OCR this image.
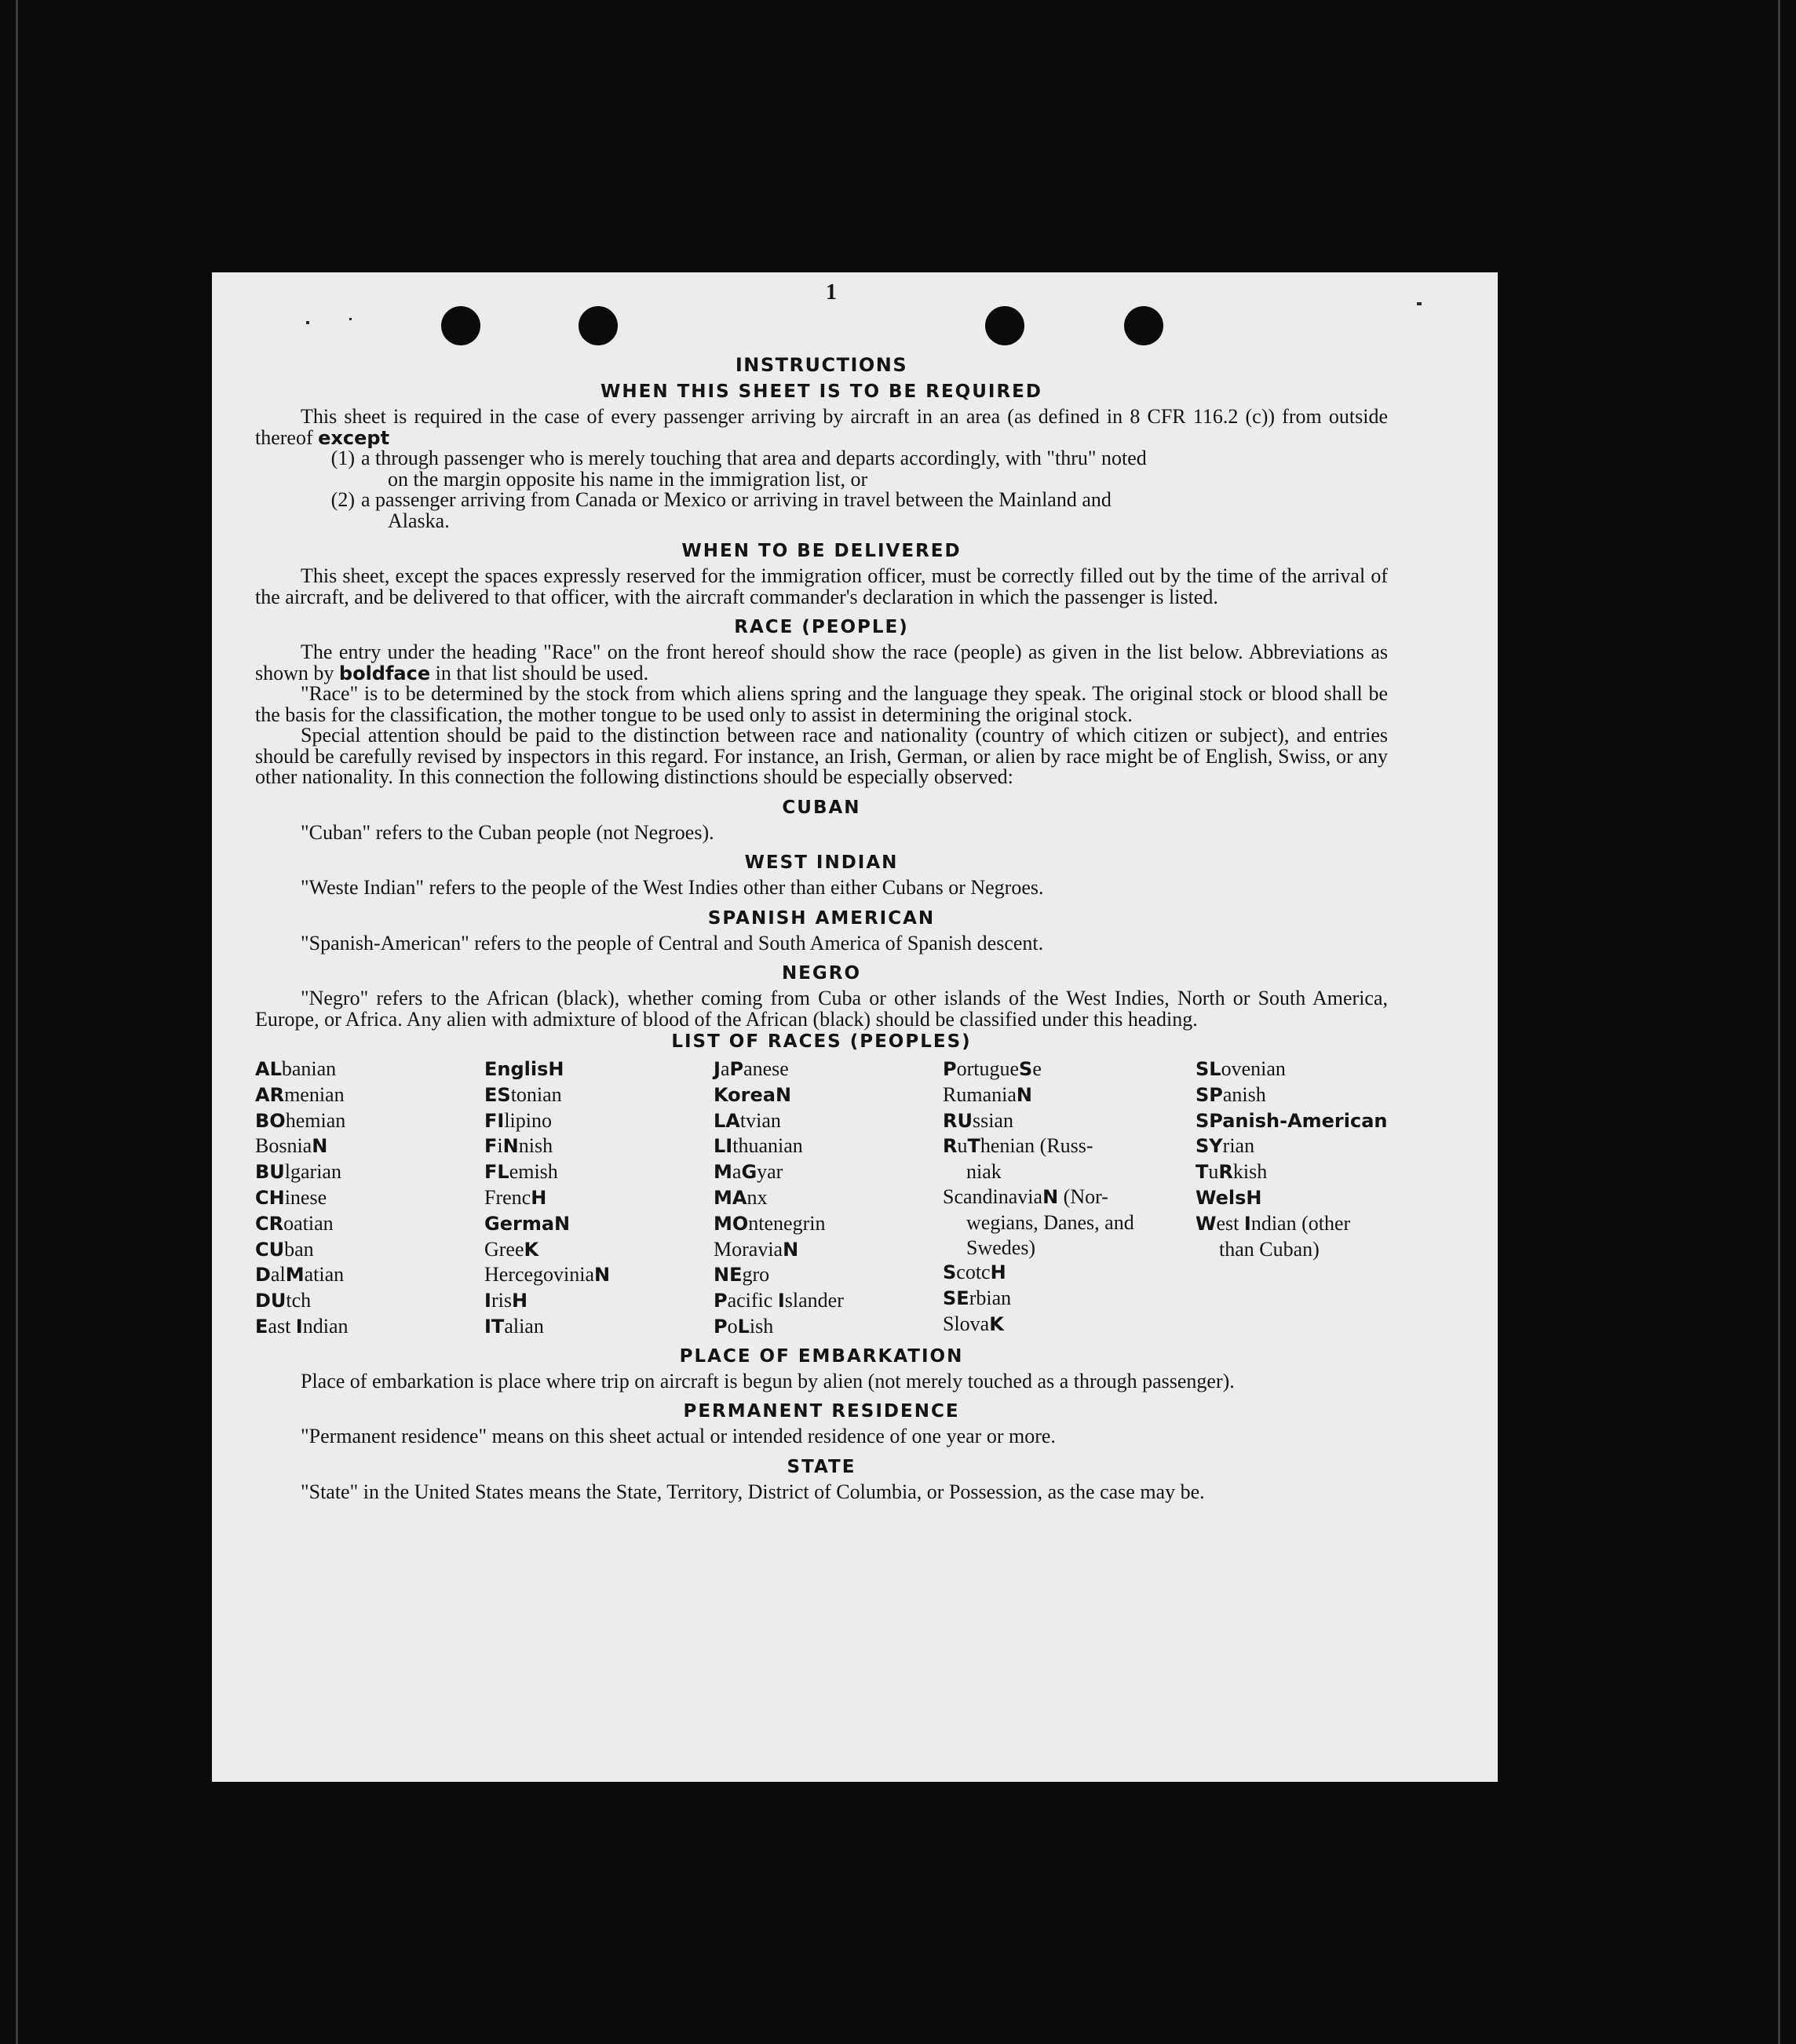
1
INSTRUCTIONS
WHEN THIS SHEET IS TO BE REQUIRED

This sheet is required in the case of every passenger arriving by aircraft in an area (as defined in 8 CFR 116.2 (c)) from outside thereof except

(1) a through passenger who is merely touching that area and departs accordingly, with "thru" noted
on the margin opposite his name in the immigration list, or
(2) a passenger arriving from Canada or Mexico or arriving in travel between the Mainland and
Alaska.
WHEN TO BE DELIVERED

This sheet, except the spaces expressly reserved for the immigration officer, must be correctly filled out by the time of the arrival of the aircraft, and be delivered to that officer, with the aircraft commander's declaration in which the passenger is listed.

RACE (PEOPLE)

The entry under the heading "Race" on the front hereof should show the race (people) as given in the list below. Abbreviations as shown by boldface in that list should be used.

"Race" is to be determined by the stock from which aliens spring and the language they speak. The original stock or blood shall be the basis for the classification, the mother tongue to be used only to assist in determining the original stock.

Special attention should be paid to the distinction between race and nationality (country of which citizen or subject), and entries should be carefully revised by inspectors in this regard. For instance, an Irish, German, or alien by race might be of English, Swiss, or any other nationality. In this connection the following distinctions should be especially observed:

CUBAN

"Cuban" refers to the Cuban people (not Negroes).

WEST INDIAN

"Weste Indian" refers to the people of the West Indies other than either Cubans or Negroes.

SPANISH AMERICAN

"Spanish-American" refers to the people of Central and South America of Spanish descent.

NEGRO

"Negro" refers to the African (black), whether coming from Cuba or other islands of the West Indies, North or South America, Europe, or Africa. Any alien with admixture of blood of the African (black) should be classified under this heading.

LIST OF RACES (PEOPLES)
ALbanian
ARmenian
BOhemian
BosniaN
BUlgarian
CHinese
CRoatian
CUban
DalMatian
DUtch
East Indian
EnglisH
EStonian
FIlipino
FiNnish
FLemish
FrencH
GermaN
GreeK
HercegoviniaN
IrisH
ITalian
JaPanese
KoreaN
LAtvian
LIthuanian
MaGyar
MAnx
MOntenegrin
MoraviaN
NEgro
Pacific Islander
PoLish
PortugueSe
RumaniaN
RUssian
RuThenian (Russ-
niak
ScandinaviaN (Nor-
wegians, Danes, and Swedes)
ScotcH
SErbian
SlovaK
SLovenian
SPanish
SPanish-American
SYrian
TuRkish
WelsH
West Indian (other
than Cuban)
PLACE OF EMBARKATION

Place of embarkation is place where trip on aircraft is begun by alien (not merely touched as a through passenger).

PERMANENT RESIDENCE

"Permanent residence" means on this sheet actual or intended residence of one year or more.

STATE

"State" in the United States means the State, Territory, District of Columbia, or Possession, as the case may be.
